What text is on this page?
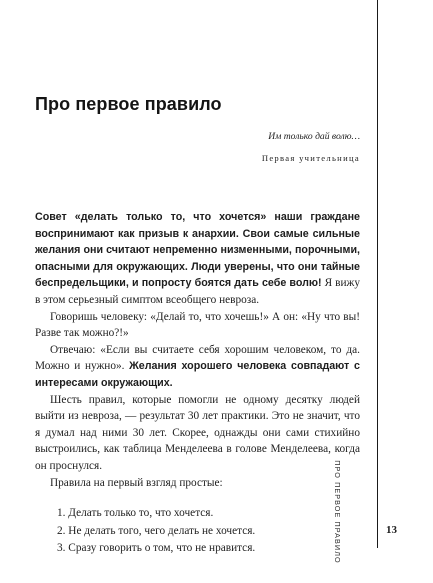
Про первое правило
Им только дай волю…
Первая учительница

Совет «делать только то, что хочется» наши граждане воспринимают как призыв к анархии. Свои самые сильные желания они считают непременно низменными, порочными, опасными для окружающих. Люди уверены, что они тайные беспредельщики, и попросту боятся дать себе волю! Я вижу в этом серьезный симптом всеобщего невроза.

Говоришь человеку: «Делай то, что хочешь!» А он: «Ну что вы! Разве так можно?!»

Отвечаю: «Если вы считаете себя хорошим человеком, то да. Можно и нужно». Желания хорошего человека совпадают с интересами окружающих.

Шесть правил, которые помогли не одному десятку людей выйти из невроза, — результат 30 лет практики. Это не значит, что я думал над ними 30 лет. Скорее, однажды они сами стихийно выстроились, как таблица Менделеева в голове Менделеева, когда он проснулся.

Правила на первый взгляд простые:

1. Делать только то, что хочется.
2. Не делать того, чего делать не хочется.
3. Сразу говорить о том, что не нравится.	ПРО ПЕРВОЕ ПРАВИЛО	13
